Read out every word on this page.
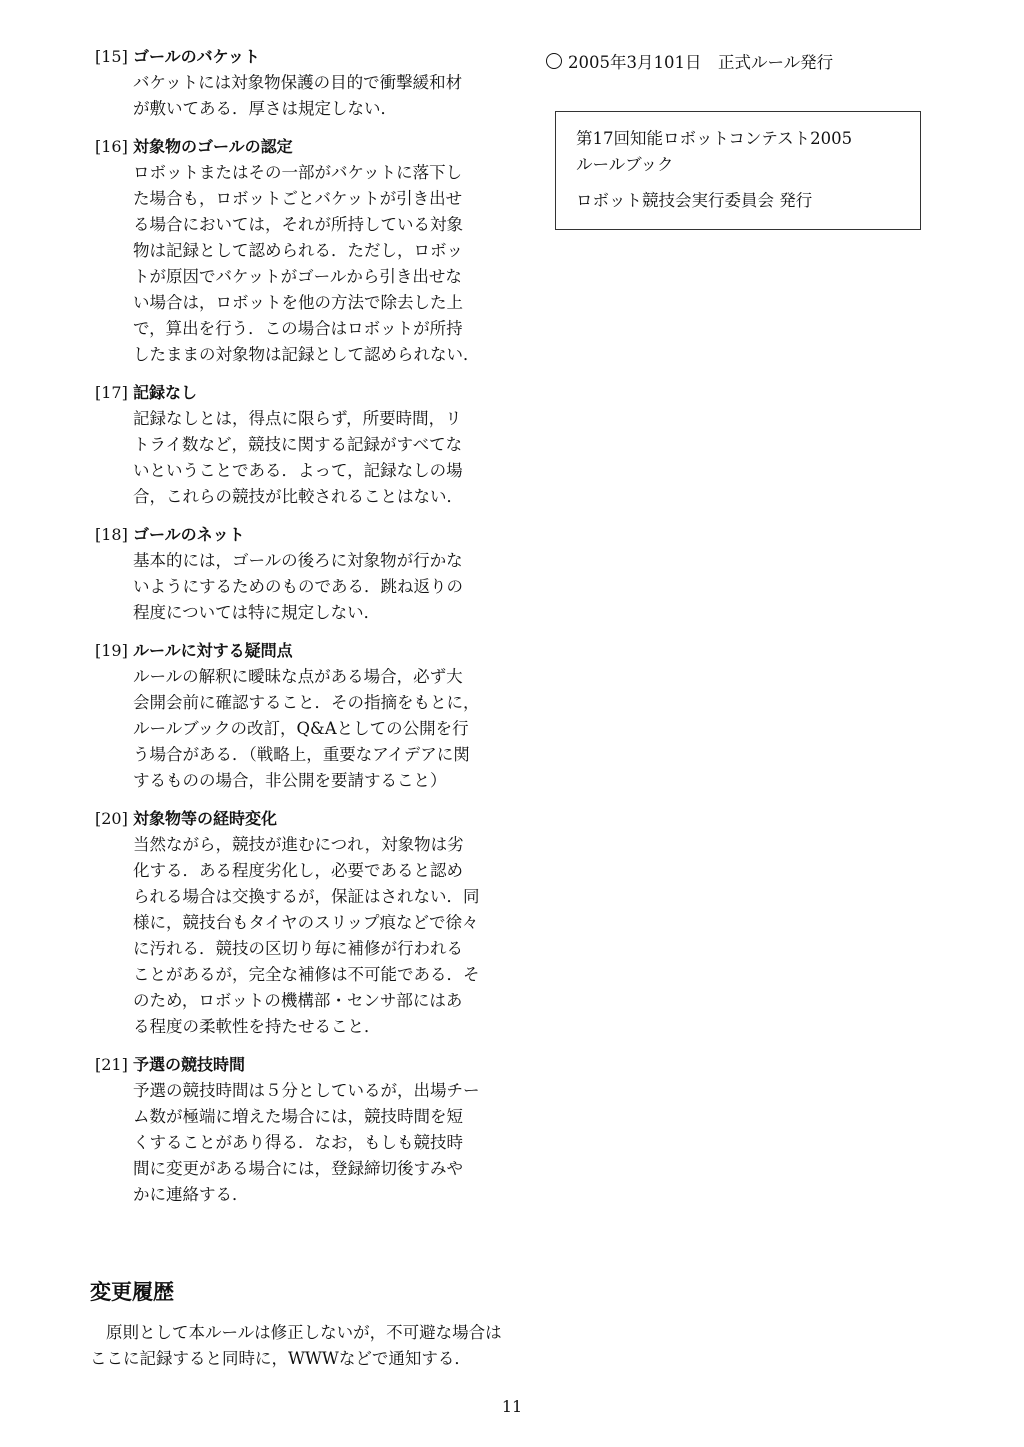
[15] ゴールのバケット
バケットには対象物保護の目的で衝撃緩和材
が敷いてある．厚さは規定しない．
[16] 対象物のゴールの認定
ロボットまたはその一部がバケットに落下し
た場合も，ロボットごとバケットが引き出せ
る場合においては，それが所持している対象
物は記録として認められる．ただし，ロボッ
トが原因でバケットがゴールから引き出せな
い場合は，ロボットを他の方法で除去した上
で，算出を行う．この場合はロボットが所持
したままの対象物は記録として認められない．
[17] 記録なし
記録なしとは，得点に限らず，所要時間，リ
トライ数など，競技に関する記録がすべてな
いということである．よって，記録なしの場
合，これらの競技が比較されることはない．
[18] ゴールのネット
基本的には，ゴールの後ろに対象物が行かな
いようにするためのものである．跳ね返りの
程度については特に規定しない．
[19] ルールに対する疑問点
ルールの解釈に曖昧な点がある場合，必ず大
会開会前に確認すること．その指摘をもとに，
ルールブックの改訂，Q&Aとしての公開を行
う場合がある．（戦略上，重要なアイデアに関
するものの場合，非公開を要請すること）
[20] 対象物等の経時変化
当然ながら，競技が進むにつれ，対象物は劣
化する．ある程度劣化し，必要であると認め
られる場合は交換するが，保証はされない．同
様に，競技台もタイヤのスリップ痕などで徐々
に汚れる．競技の区切り毎に補修が行われる
ことがあるが，完全な補修は不可能である．そ
のため，ロボットの機構部・センサ部にはあ
る程度の柔軟性を持たせること．
[21] 予選の競技時間
予選の競技時間は５分としているが，出場チー
ム数が極端に増えた場合には，競技時間を短
くすることがあり得る．なお，もしも競技時
間に変更がある場合には，登録締切後すみや
かに連絡する．
変更履歴
原則として本ルールは修正しないが，不可避な場合は
ここに記録すると同時に，WWWなどで通知する．
2005年3月101日　正式ルール発行
第17回知能ロボットコンテスト2005
ルールブック
ロボット競技会実行委員会 発行
11
